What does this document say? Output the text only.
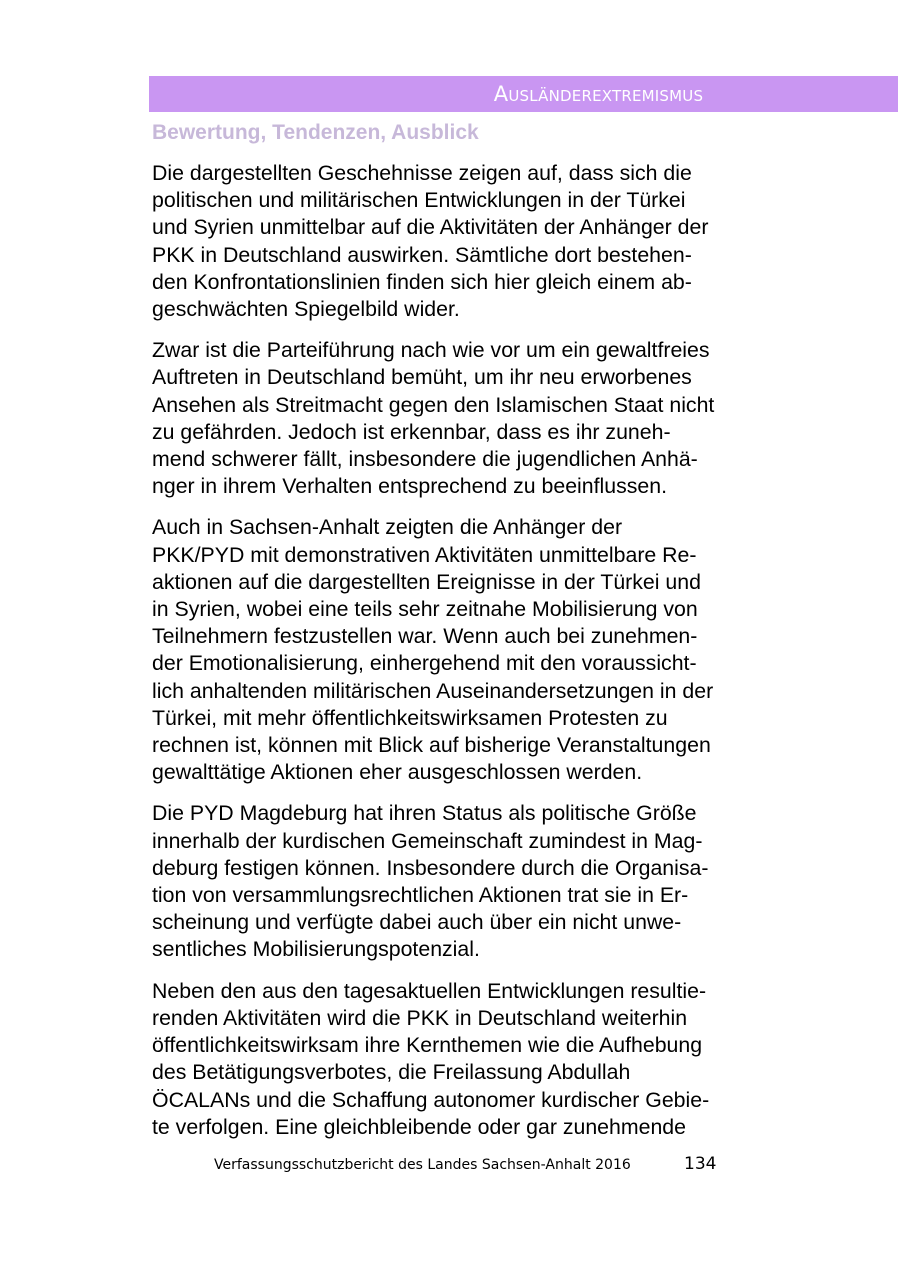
Ausländerextremismus
Bewertung, Tendenzen, Ausblick
Die dargestellten Geschehnisse zeigen auf, dass sich die
politischen und militärischen Entwicklungen in der Türkei
und Syrien unmittelbar auf die Aktivitäten der Anhänger der
PKK in Deutschland auswirken. Sämtliche dort bestehen-
den Konfrontationslinien finden sich hier gleich einem ab-
geschwächten Spiegelbild wider.
Zwar ist die Parteiführung nach wie vor um ein gewaltfreies
Auftreten in Deutschland bemüht, um ihr neu erworbenes
Ansehen als Streitmacht gegen den Islamischen Staat nicht
zu gefährden. Jedoch ist erkennbar, dass es ihr zuneh-
mend schwerer fällt, insbesondere die jugendlichen Anhä-
nger in ihrem Verhalten entsprechend zu beeinflussen.
Auch in Sachsen-Anhalt zeigten die Anhänger der
PKK/PYD mit demonstrativen Aktivitäten unmittelbare Re-
aktionen auf die dargestellten Ereignisse in der Türkei und
in Syrien, wobei eine teils sehr zeitnahe Mobilisierung von
Teilnehmern festzustellen war. Wenn auch bei zunehmen-
der Emotionalisierung, einhergehend mit den voraussicht-
lich anhaltenden militärischen Auseinandersetzungen in der
Türkei, mit mehr öffentlichkeitswirksamen Protesten zu
rechnen ist, können mit Blick auf bisherige Veranstaltungen
gewalttätige Aktionen eher ausgeschlossen werden.
Die PYD Magdeburg hat ihren Status als politische Größe
innerhalb der kurdischen Gemeinschaft zumindest in Mag-
deburg festigen können. Insbesondere durch die Organisa-
tion von versammlungsrechtlichen Aktionen trat sie in Er-
scheinung und verfügte dabei auch über ein nicht unwe-
sentliches Mobilisierungspotenzial.
Neben den aus den tagesaktuellen Entwicklungen resultie-
renden Aktivitäten wird die PKK in Deutschland weiterhin
öffentlichkeitswirksam ihre Kernthemen wie die Aufhebung
des Betätigungsverbotes, die Freilassung Abdullah
ÖCALANs und die Schaffung autonomer kurdischer Gebie-
te verfolgen. Eine gleichbleibende oder gar zunehmende
Verfassungsschutzbericht des Landes Sachsen-Anhalt 2016	134
